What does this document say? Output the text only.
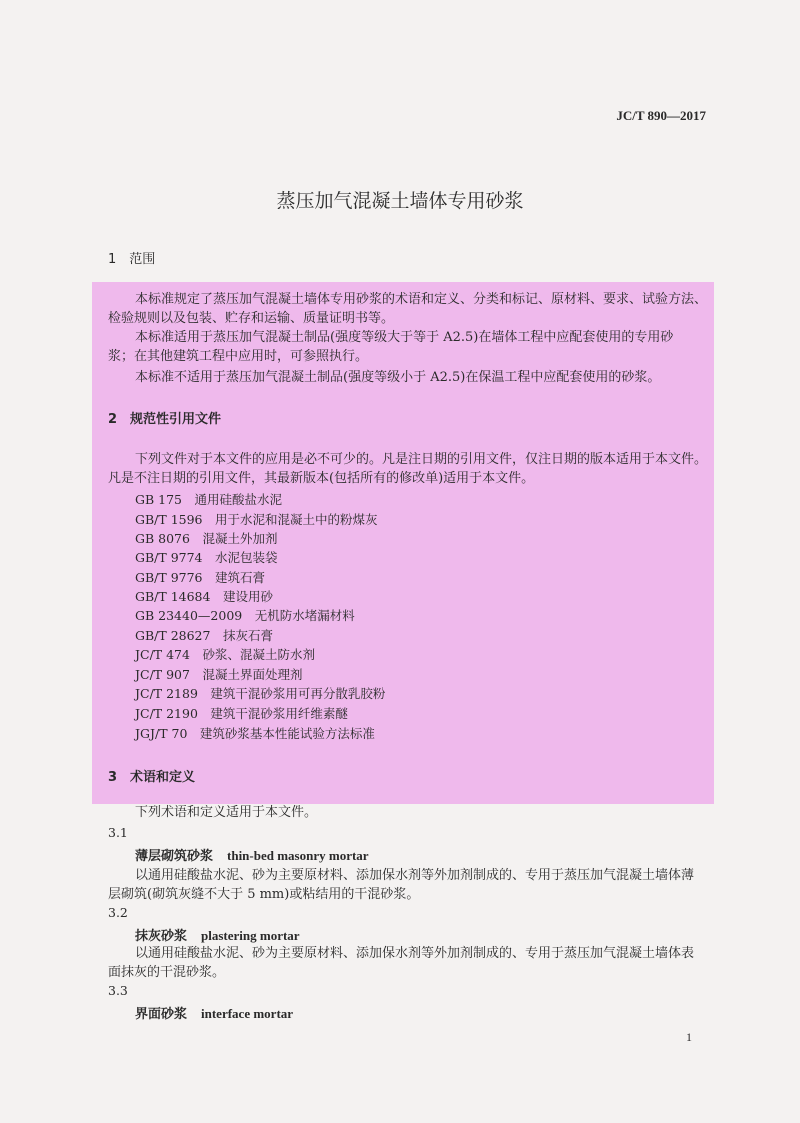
JC/T 890—2017
蒸压加气混凝土墙体专用砂浆
1　范围
本标准规定了蒸压加气混凝土墙体专用砂浆的术语和定义、分类和标记、原材料、要求、试验方法、
检验规则以及包装、贮存和运输、质量证明书等。
本标准适用于蒸压加气混凝土制品(强度等级大于等于 A2.5)在墙体工程中应配套使用的专用砂
浆；在其他建筑工程中应用时，可参照执行。
本标准不适用于蒸压加气混凝土制品(强度等级小于 A2.5)在保温工程中应配套使用的砂浆。
2　规范性引用文件
下列文件对于本文件的应用是必不可少的。凡是注日期的引用文件，仅注日期的版本适用于本文件。
凡是不注日期的引用文件，其最新版本(包括所有的修改单)适用于本文件。
GB 175　通用硅酸盐水泥
GB/T 1596　用于水泥和混凝土中的粉煤灰
GB 8076　混凝土外加剂
GB/T 9774　水泥包装袋
GB/T 9776　建筑石膏
GB/T 14684　建设用砂
GB 23440—2009　无机防水堵漏材料
GB/T 28627　抹灰石膏
JC/T 474　砂浆、混凝土防水剂
JC/T 907　混凝土界面处理剂
JC/T 2189　建筑干混砂浆用可再分散乳胶粉
JC/T 2190　建筑干混砂浆用纤维素醚
JGJ/T 70　建筑砂浆基本性能试验方法标准
3　术语和定义
下列术语和定义适用于本文件。
3.1
薄层砌筑砂浆 thin-bed masonry mortar
以通用硅酸盐水泥、砂为主要原材料、添加保水剂等外加剂制成的、专用于蒸压加气混凝土墙体薄
层砌筑(砌筑灰缝不大于 5 mm)或粘结用的干混砂浆。
3.2
抹灰砂浆 plastering mortar
以通用硅酸盐水泥、砂为主要原材料、添加保水剂等外加剂制成的、专用于蒸压加气混凝土墙体表
面抹灰的干混砂浆。
3.3
界面砂浆 interface mortar
1
